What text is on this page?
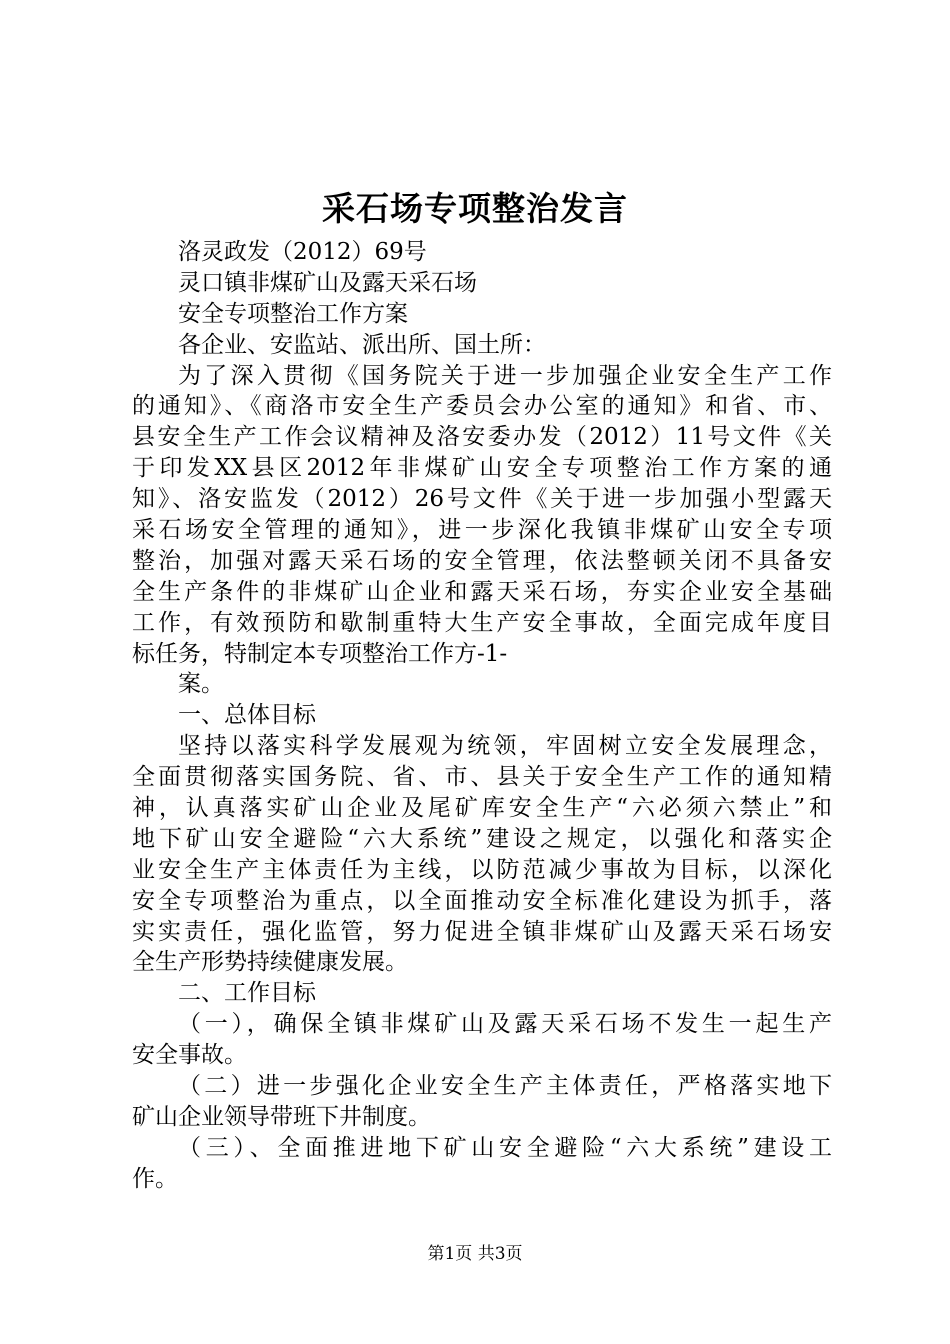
采石场专项整治发言
洛灵政发（2012）69号
灵口镇非煤矿山及露天采石场
安全专项整治工作方案
各企业、安监站、派出所、国土所：
为了深入贯彻《国务院关于进一步加强企业安全生产工作
的通知》、《商洛市安全生产委员会办公室的通知》和省、市、
县安全生产工作会议精神及洛安委办发（2012）11号文件《关
于印发XX县区2012年非煤矿山安全专项整治工作方案的通
知》、洛安监发（2012）26号文件《关于进一步加强小型露天
采石场安全管理的通知》，进一步深化我镇非煤矿山安全专项
整治，加强对露天采石场的安全管理，依法整顿关闭不具备安
全生产条件的非煤矿山企业和露天采石场，夯实企业安全基础
工作，有效预防和歇制重特大生产安全事故，全面完成年度目
标任务，特制定本专项整治工作方-1-
案。
一、总体目标
坚持以落实科学发展观为统领，牢固树立安全发展理念，
全面贯彻落实国务院、省、市、县关于安全生产工作的通知精
神，认真落实矿山企业及尾矿库安全生产“六必须六禁止”和
地下矿山安全避险“六大系统”建设之规定，以强化和落实企
业安全生产主体责任为主线，以防范减少事故为目标，以深化
安全专项整治为重点，以全面推动安全标准化建设为抓手，落
实实责任，强化监管，努力促进全镇非煤矿山及露天采石场安
全生产形势持续健康发展。
二、工作目标
（一），确保全镇非煤矿山及露天采石场不发生一起生产
安全事故。
（二）进一步强化企业安全生产主体责任，严格落实地下
矿山企业领导带班下井制度。
（三）、全面推进地下矿山安全避险“六大系统”建设工
作。
第1页 共3页
